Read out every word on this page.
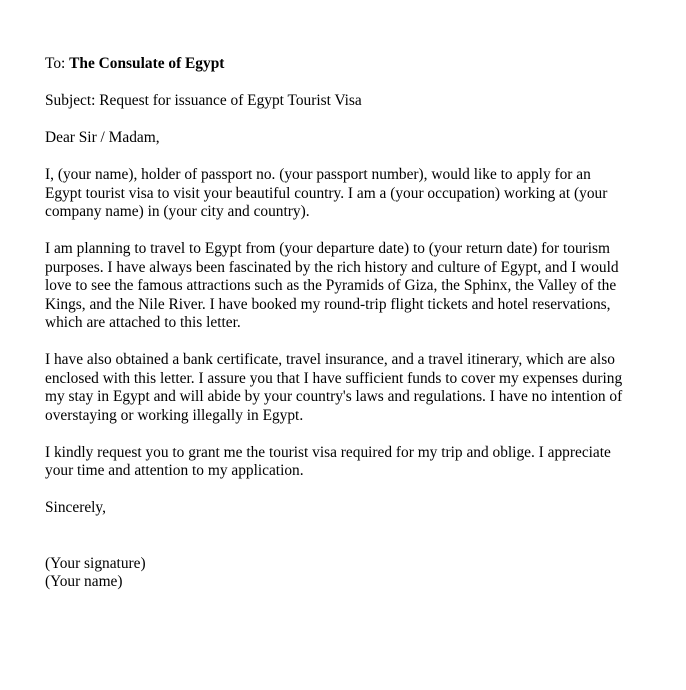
To: The Consulate of Egypt

Subject: Request for issuance of Egypt Tourist Visa

Dear Sir / Madam,

I, (your name), holder of passport no. (your passport number), would like to apply for an
Egypt tourist visa to visit your beautiful country. I am a (your occupation) working at (your
company name) in (your city and country).

I am planning to travel to Egypt from (your departure date) to (your return date) for tourism
purposes. I have always been fascinated by the rich history and culture of Egypt, and I would
love to see the famous attractions such as the Pyramids of Giza, the Sphinx, the Valley of the
Kings, and the Nile River. I have booked my round-trip flight tickets and hotel reservations,
which are attached to this letter.

I have also obtained a bank certificate, travel insurance, and a travel itinerary, which are also
enclosed with this letter. I assure you that I have sufficient funds to cover my expenses during
my stay in Egypt and will abide by your country's laws and regulations. I have no intention of
overstaying or working illegally in Egypt.

I kindly request you to grant me the tourist visa required for my trip and oblige. I appreciate
your time and attention to my application.

Sincerely,

(Your signature)

(Your name)
